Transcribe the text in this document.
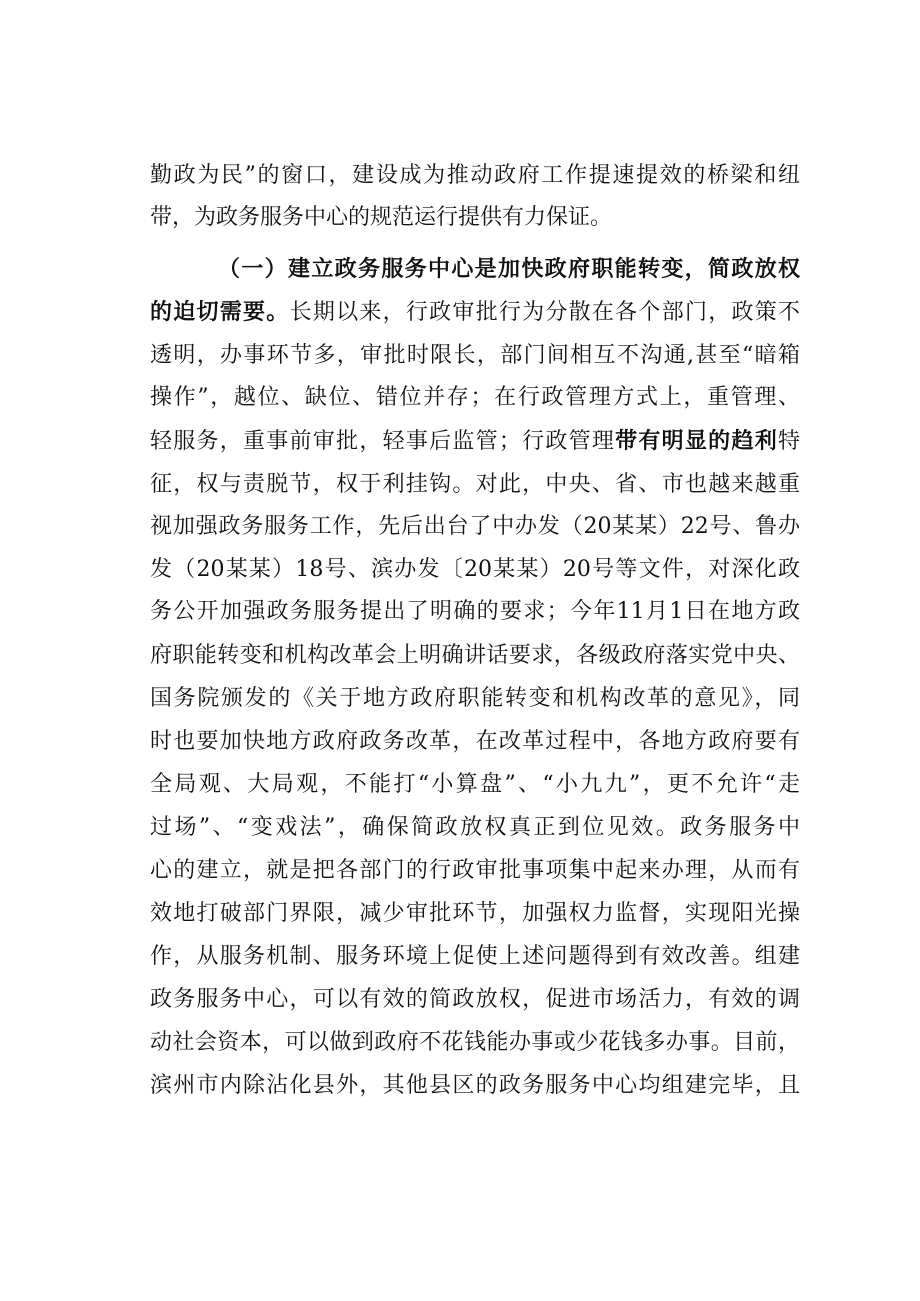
勤政为民”的窗口，建设成为推动政府工作提速提效的桥梁和纽
带，为政务服务中心的规范运行提供有力保证。
（一）建立政务服务中心是加快政府职能转变，简政放权
的迫切需要。长期以来，行政审批行为分散在各个部门，政策不
透明，办事环节多，审批时限长，部门间相互不沟通,甚至“暗箱
操作”，越位、缺位、错位并存；在行政管理方式上，重管理、
轻服务，重事前审批，轻事后监管；行政管理带有明显的趋利特
征，权与责脱节，权于利挂钩。对此，中央、省、市也越来越重
视加强政务服务工作，先后出台了中办发（20某某）22号、鲁办
发（20某某）18号、滨办发〔20某某）20号等文件，对深化政
务公开加强政务服务提出了明确的要求；今年11月1日在地方政
府职能转变和机构改革会上明确讲话要求，各级政府落实党中央、
国务院颁发的《关于地方政府职能转变和机构改革的意见》，同
时也要加快地方政府政务改革，在改革过程中，各地方政府要有
全局观、大局观，不能打“小算盘”、“小九九”，更不允许“走
过场”、“变戏法”，确保简政放权真正到位见效。政务服务中
心的建立，就是把各部门的行政审批事项集中起来办理，从而有
效地打破部门界限，减少审批环节，加强权力监督，实现阳光操
作，从服务机制、服务环境上促使上述问题得到有效改善。组建
政务服务中心，可以有效的简政放权，促进市场活力，有效的调
动社会资本，可以做到政府不花钱能办事或少花钱多办事。目前，
滨州市内除沾化县外，其他县区的政务服务中心均组建完毕，且
